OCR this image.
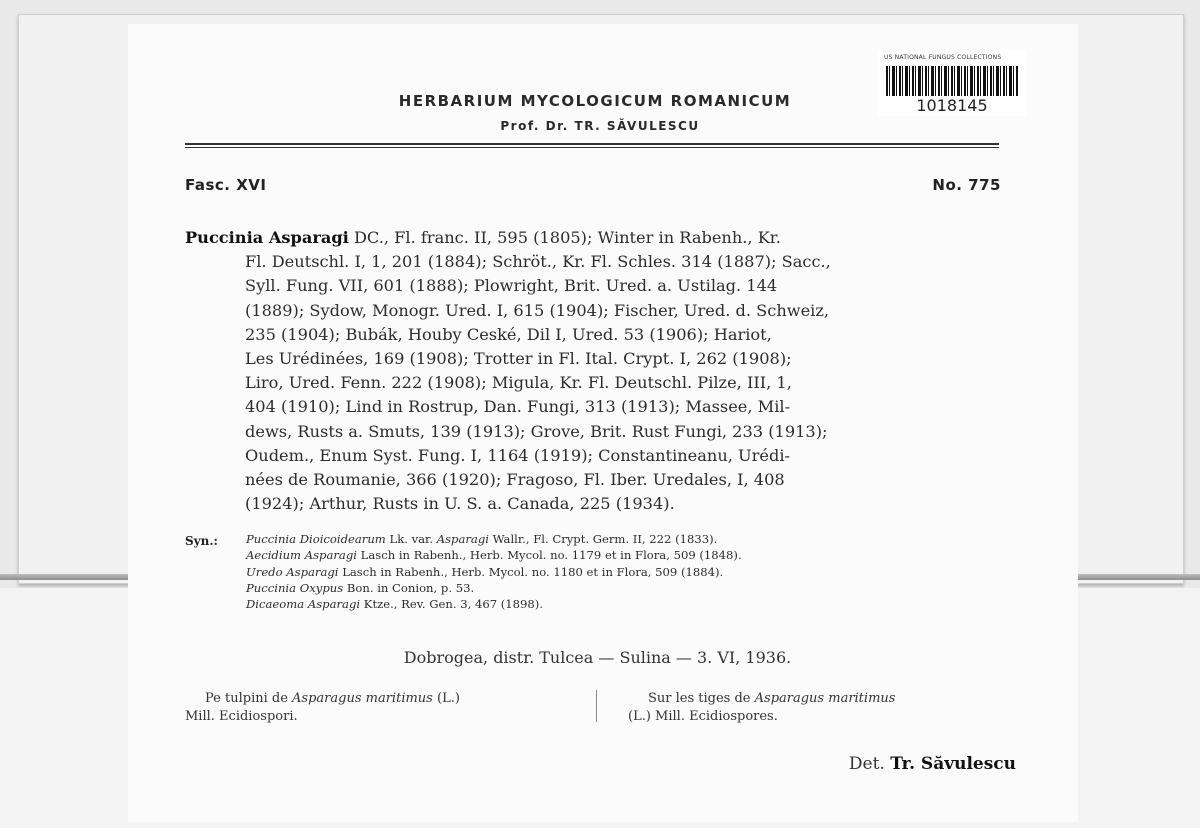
US NATIONAL FUNGUS COLLECTIONS
1018145
HERBARIUM MYCOLOGICUM ROMANICUM
Prof. Dr. TR. SĂVULESCU
Fasc. XVI	No. 775
Puccinia Asparagi DC., Fl. franc. II, 595 (1805); Winter in Rabenh., Kr.
Fl. Deutschl. I, 1, 201 (1884); Schröt., Kr. Fl. Schles. 314 (1887); Sacc.,
Syll. Fung. VII, 601 (1888); Plowright, Brit. Ured. a. Ustilag. 144
(1889); Sydow, Monogr. Ured. I, 615 (1904); Fischer, Ured. d. Schweiz,
235 (1904); Bubák, Houby Ceské, Dil I, Ured. 53 (1906); Hariot,
Les Urédinées, 169 (1908); Trotter in Fl. Ital. Crypt. I, 262 (1908);
Liro, Ured. Fenn. 222 (1908); Migula, Kr. Fl. Deutschl. Pilze, III, 1,
404 (1910); Lind in Rostrup, Dan. Fungi, 313 (1913); Massee, Mil-
dews, Rusts a. Smuts, 139 (1913); Grove, Brit. Rust Fungi, 233 (1913);
Oudem., Enum Syst. Fung. I, 1164 (1919); Constantineanu, Urédi-
nées de Roumanie, 366 (1920); Fragoso, Fl. Iber. Uredales, I, 408
(1924); Arthur, Rusts in U. S. a. Canada, 225 (1934).
Syn.: Puccinia Dioicoidearum Lk. var. Asparagi Wallr., Fl. Crypt. Germ. II, 222 (1833).
Aecidium Asparagi Lasch in Rabenh., Herb. Mycol. no. 1179 et in Flora, 509 (1848).
Uredo Asparagi Lasch in Rabenh., Herb. Mycol. no. 1180 et in Flora, 509 (1884).
Puccinia Oxypus Bon. in Conion, p. 53.
Dicaeoma Asparagi Ktze., Rev. Gen. 3, 467 (1898).
Dobrogea, distr. Tulcea — Sulina — 3. VI, 1936.
Pe tulpini de Asparagus maritimus (L.)
Mill. Ecidiospori.
Sur les tiges de Asparagus maritimus
(L.) Mill. Ecidiospores.
Det. Tr. Săvulescu
